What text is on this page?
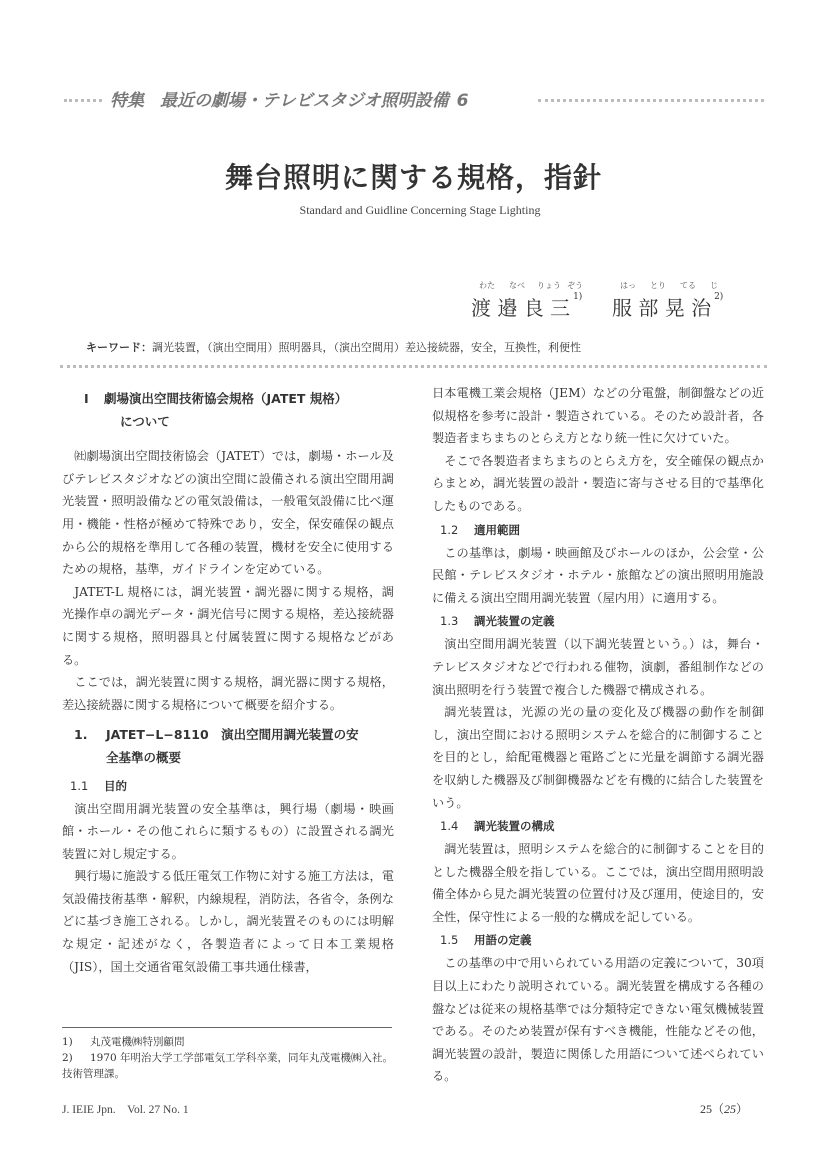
特集 最近の劇場・テレビスタジオ照明設備 6
舞台照明に関する規格，指針
Standard and Guidline Concerning Stage Lighting
わた なべ りょう ぞう
渡 邉 良 三 $^{1)}$
はっ とり てる じ
服 部 晃 治 $^{2)}$
キーワード：調光装置，（演出空間用）照明器具，（演出空間用）差込接続器，安全，互換性，利便性
I 劇場演出空間技術協会規格（JATET 規格）
について

㈳劇場演出空間技術協会（JATET）では，劇場・ホール及びテレビスタジオなどの演出空間に設備される演出空間用調光装置・照明設備などの電気設備は，一般電気設備に比べ運用・機能・性格が極めて特殊であり，安全，保安確保の観点から公的規格を準用して各種の装置，機材を安全に使用するための規格，基準，ガイドラインを定めている。

JATET-L 規格には，調光装置・調光器に関する規格，調光操作卓の調光データ・調光信号に関する規格，差込接続器に関する規格，照明器具と付属装置に関する規格などがある。

ここでは，調光装置に関する規格，調光器に関する規格，差込接続器に関する規格について概要を紹介する。

1. JATET−L−8110　演出空間用調光装置の安
全基準の概要
1.1 目的

演出空間用調光装置の安全基準は，興行場（劇場・映画館・ホール・その他これらに類するもの）に設置される調光装置に対し規定する。

興行場に施設する低圧電気工作物に対する施工方法は，電気設備技術基準・解釈，内線規程，消防法，各省令，条例などに基づき施工される。しかし，調光装置そのものには明解な規定・記述がなく，各製造者によって日本工業規格（JIS），国土交通省電気設備工事共通仕様書，

日本電機工業会規格（JEM）などの分電盤，制御盤などの近似規格を参考に設計・製造されている。そのため設計者，各製造者まちまちのとらえ方となり統一性に欠けていた。

そこで各製造者まちまちのとらえ方を，安全確保の観点からまとめ，調光装置の設計・製造に寄与させる目的で基準化したものである。

1.2 適用範囲

この基準は，劇場・映画館及びホールのほか，公会堂・公民館・テレビスタジオ・ホテル・旅館などの演出照明用施設に備える演出空間用調光装置（屋内用）に適用する。

1.3 調光装置の定義

演出空間用調光装置（以下調光装置という。）は，舞台・テレビスタジオなどで行われる催物，演劇，番組制作などの演出照明を行う装置で複合した機器で構成される。

調光装置は，光源の光の量の変化及び機器の動作を制御し，演出空間における照明システムを総合的に制御することを目的とし，給配電機器と電路ごとに光量を調節する調光器を収納した機器及び制御機器などを有機的に結合した装置をいう。

1.4 調光装置の構成

調光装置は，照明システムを総合的に制御することを目的とした機器全般を指している。ここでは，演出空間用照明設備全体から見た調光装置の位置付け及び運用，使途目的，安全性，保守性による一般的な構成を記している。

1.5 用語の定義

この基準の中で用いられている用語の定義について，30項目以上にわたり説明されている。調光装置を構成する各種の盤などは従来の規格基準では分類特定できない電気機械装置である。そのため装置が保有すべき機能，性能などその他，調光装置の設計，製造に関係した用語について述べられている。

1) 丸茂電機㈱特別顧問
2) 1970 年明治大学工学部電気工学科卒業，同年丸茂電機㈱入社。技術管理課。
J. IEIE Jpn.　Vol. 27 No. 1	25（25）
